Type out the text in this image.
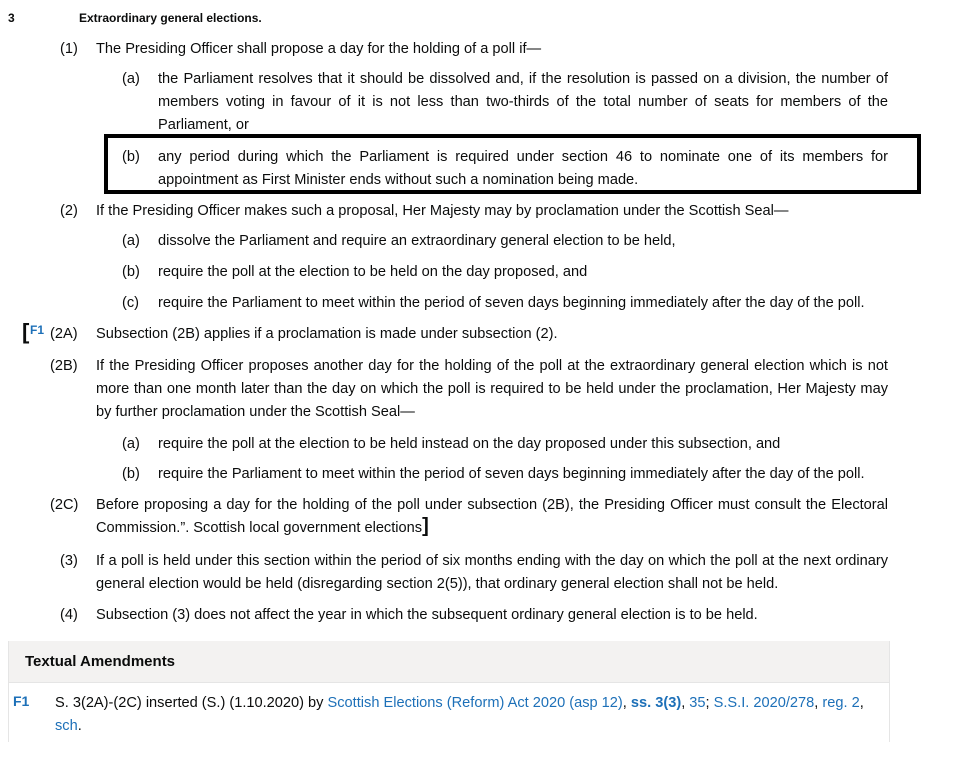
3	Extraordinary general elections.
(1) The Presiding Officer shall propose a day for the holding of a poll if—
(a) the Parliament resolves that it should be dissolved and, if the resolution is passed on a division, the number of members voting in favour of it is not less than two-thirds of the total number of seats for members of the Parliament, or
(b) any period during which the Parliament is required under section 46 to nominate one of its members for appointment as First Minister ends without such a nomination being made.
(2) If the Presiding Officer makes such a proposal, Her Majesty may by proclamation under the Scottish Seal—
(a) dissolve the Parliament and require an extraordinary general election to be held,
(b) require the poll at the election to be held on the day proposed, and
(c) require the Parliament to meet within the period of seven days beginning immediately after the day of the poll.
[ F1 (2A) Subsection (2B) applies if a proclamation is made under subsection (2).
(2B) If the Presiding Officer proposes another day for the holding of the poll at the extraordinary general election which is not more than one month later than the day on which the poll is required to be held under the proclamation, Her Majesty may by further proclamation under the Scottish Seal—
(a) require the poll at the election to be held instead on the day proposed under this subsection, and
(b) require the Parliament to meet within the period of seven days beginning immediately after the day of the poll.
(2C) Before proposing a day for the holding of the poll under subsection (2B), the Presiding Officer must consult the Electoral Commission.”. Scottish local government elections]
(3) If a poll is held under this section within the period of six months ending with the day on which the poll at the next ordinary general election would be held (disregarding section 2(5)), that ordinary general election shall not be held.
(4) Subsection (3) does not affect the year in which the subsequent ordinary general election is to be held.
Textual Amendments
F1 S. 3(2A)-(2C) inserted (S.) (1.10.2020) by Scottish Elections (Reform) Act 2020 (asp 12), ss. 3(3), 35; S.S.I. 2020/278, reg. 2, sch.
